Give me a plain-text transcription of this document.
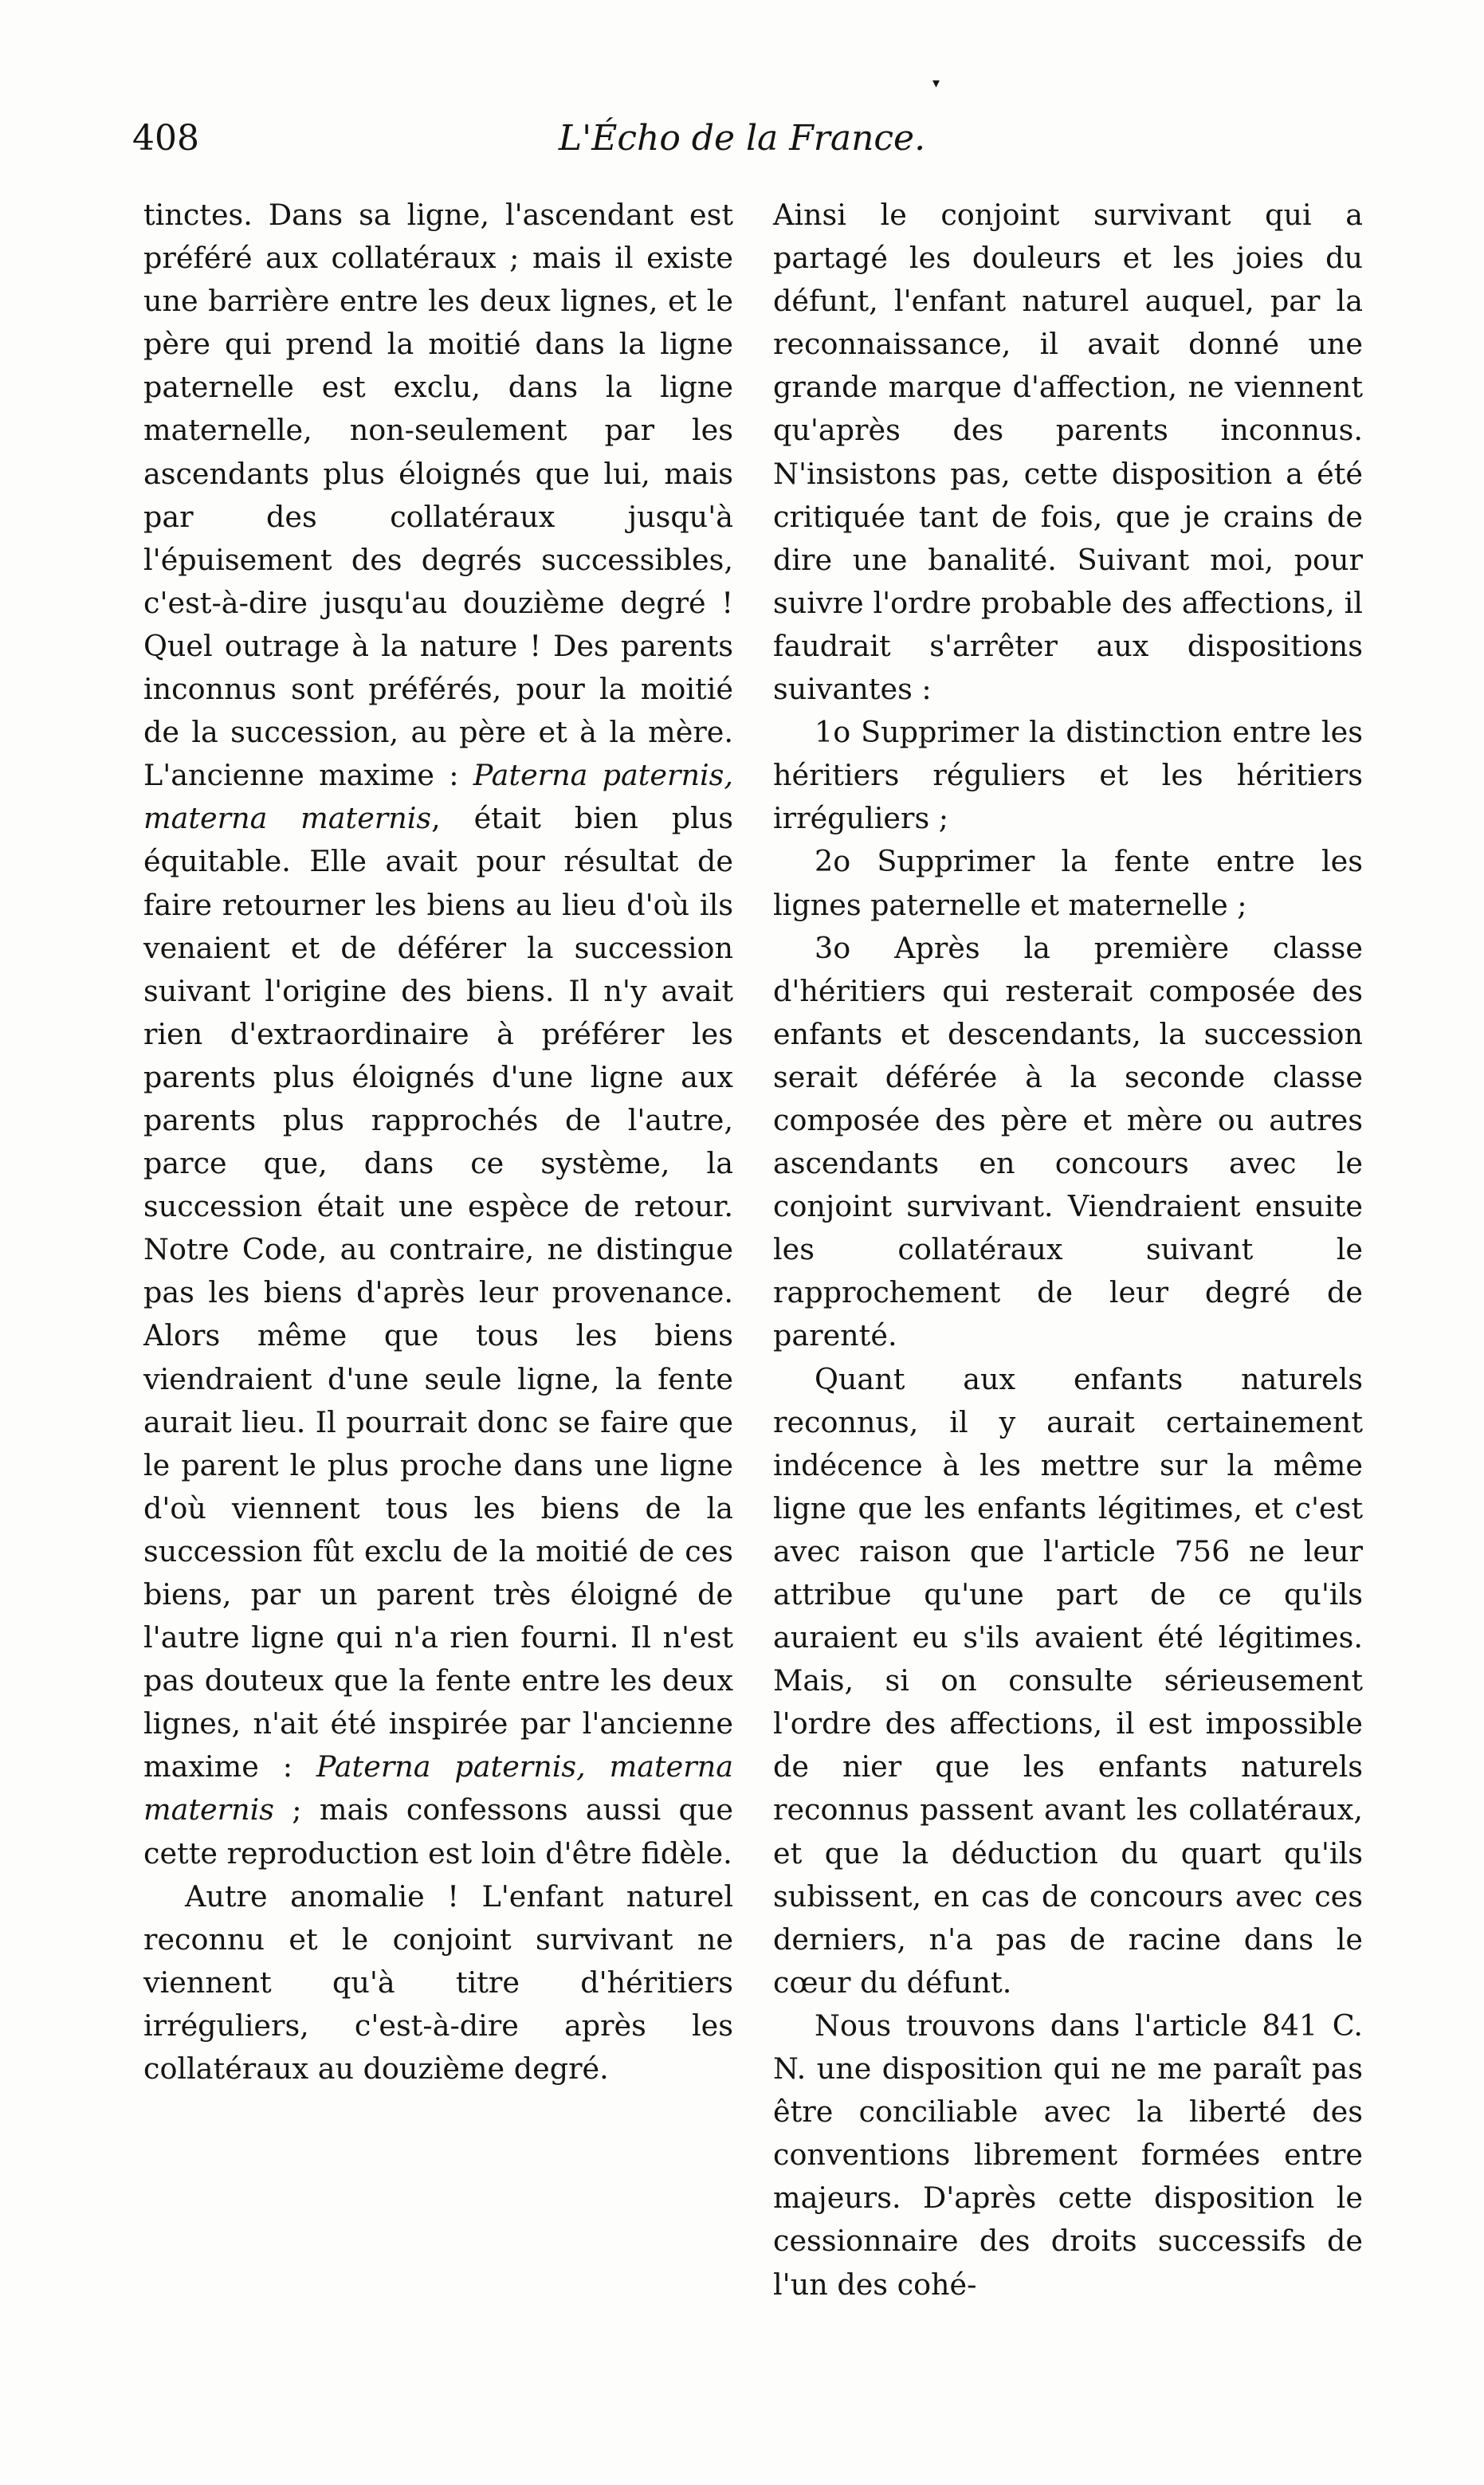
▾
408	L'Écho de la France.

tinctes. Dans sa ligne, l'ascendant est préféré aux collatéraux ; mais il existe une barrière entre les deux lignes, et le père qui prend la moitié dans la ligne paternelle est exclu, dans la ligne maternelle, non-seulement par les ascendants plus éloignés que lui, mais par des collatéraux jusqu'à l'épuisement des degrés successibles, c'est-à-dire jusqu'au douzième degré ! Quel outrage à la nature ! Des parents inconnus sont préférés, pour la moitié de la succession, au père et à la mère. L'ancienne maxime : Paterna paternis, materna maternis, était bien plus équitable. Elle avait pour résultat de faire retourner les biens au lieu d'où ils venaient et de déférer la succession suivant l'origine des biens. Il n'y avait rien d'extraordinaire à préférer les parents plus éloignés d'une ligne aux parents plus rapprochés de l'autre, parce que, dans ce système, la succession était une espèce de retour. Notre Code, au contraire, ne distingue pas les biens d'après leur provenance. Alors même que tous les biens viendraient d'une seule ligne, la fente aurait lieu. Il pourrait donc se faire que le parent le plus proche dans une ligne d'où viennent tous les biens de la succession fût exclu de la moitié de ces biens, par un parent très éloigné de l'autre ligne qui n'a rien fourni. Il n'est pas douteux que la fente entre les deux lignes, n'ait été inspirée par l'ancienne maxime : Paterna paternis, materna maternis ; mais confessons aussi que cette reproduction est loin d'être fidèle.

Autre anomalie ! L'enfant naturel reconnu et le conjoint survivant ne viennent qu'à titre d'héritiers irréguliers, c'est-à-dire après les collatéraux au douzième degré.

Ainsi le conjoint survivant qui a partagé les douleurs et les joies du défunt, l'enfant naturel auquel, par la reconnaissance, il avait donné une grande marque d'affection, ne viennent qu'après des parents inconnus. N'insistons pas, cette disposition a été critiquée tant de fois, que je crains de dire une banalité. Suivant moi, pour suivre l'ordre probable des affections, il faudrait s'arrêter aux dispositions suivantes :

1o Supprimer la distinction entre les héritiers réguliers et les héritiers irréguliers ;

2o Supprimer la fente entre les lignes paternelle et maternelle ;

3o Après la première classe d'héritiers qui resterait composée des enfants et descendants, la succession serait déférée à la seconde classe composée des père et mère ou autres ascendants en concours avec le conjoint survivant. Viendraient ensuite les collatéraux suivant le rapprochement de leur degré de parenté.

Quant aux enfants naturels reconnus, il y aurait certainement indécence à les mettre sur la même ligne que les enfants légitimes, et c'est avec raison que l'article 756 ne leur attribue qu'une part de ce qu'ils auraient eu s'ils avaient été légitimes. Mais, si on consulte sérieusement l'ordre des affections, il est impossible de nier que les enfants naturels reconnus passent avant les collatéraux, et que la déduction du quart qu'ils subissent, en cas de concours avec ces derniers, n'a pas de racine dans le cœur du défunt.

Nous trouvons dans l'article 841 C. N. une disposition qui ne me paraît pas être conciliable avec la liberté des conventions librement formées entre majeurs. D'après cette disposition le cessionnaire des droits successifs de l'un des cohé-
